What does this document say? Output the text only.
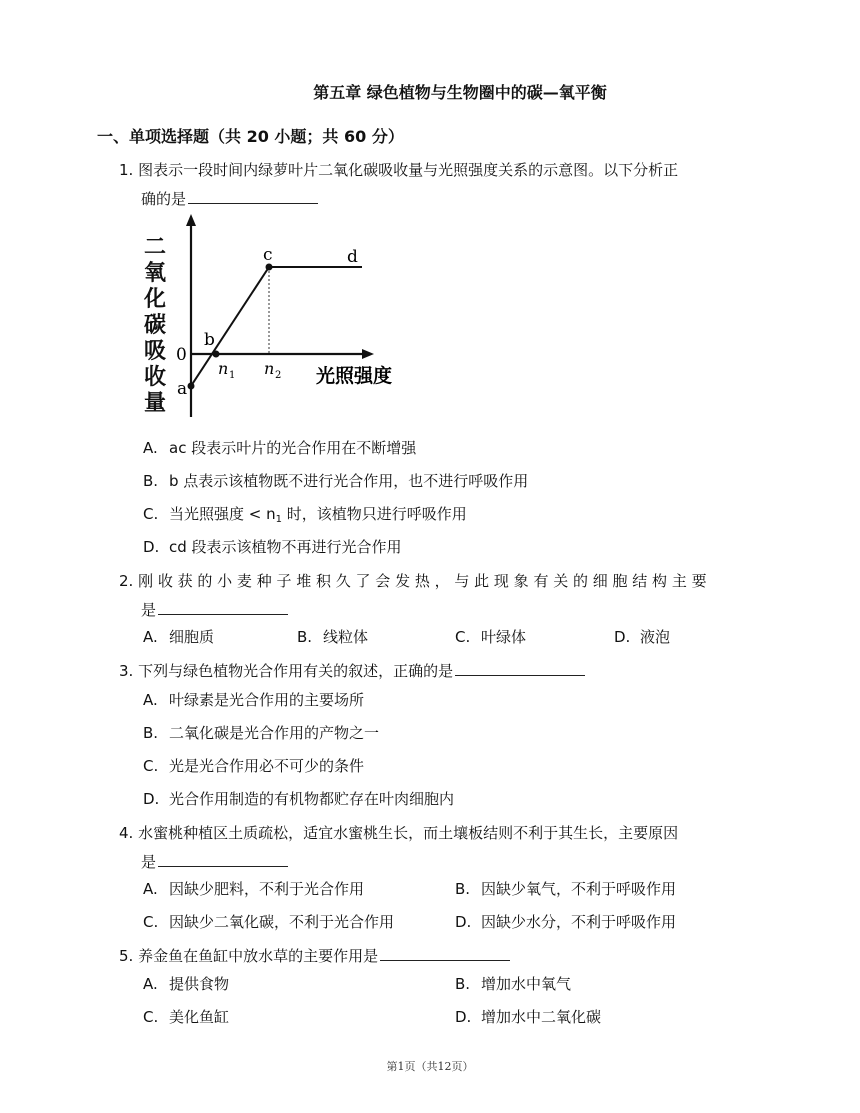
第五章 绿色植物与生物圈中的碳—氧平衡
一、单项选择题（共 20 小题；共 60 分）
1. 图表示一段时间内绿萝叶片二氧化碳吸收量与光照强度关系的示意图。以下分析正
确的是
二
氧
化
碳
吸
收
量
0
a
b
c	d
n 1 n 2 光照强度
A. ac 段表示叶片的光合作用在不断增强
B. b 点表示该植物既不进行光合作用，也不进行呼吸作用
C. 当光照强度 < $n_1$ 时，该植物只进行呼吸作用
D. cd 段表示该植物不再进行光合作用
2. 刚 收 获 的 小 麦 种 子 堆 积 久 了 会 发 热 ， 与 此 现 象 有 关 的 细 胞 结 构 主 要
是
A. 细胞质	B. 线粒体	C. 叶绿体	D. 液泡
3. 下列与绿色植物光合作用有关的叙述，正确的是
A. 叶绿素是光合作用的主要场所
B. 二氧化碳是光合作用的产物之一
C. 光是光合作用必不可少的条件
D. 光合作用制造的有机物都贮存在叶肉细胞内
4. 水蜜桃种植区土质疏松，适宜水蜜桃生长，而土壤板结则不利于其生长，主要原因
是
A. 因缺少肥料，不利于光合作用	B. 因缺少氧气，不利于呼吸作用
C. 因缺少二氧化碳，不利于光合作用	D. 因缺少水分，不利于呼吸作用
5. 养金鱼在鱼缸中放水草的主要作用是
A. 提供食物	B. 增加水中氧气
C. 美化鱼缸	D. 增加水中二氧化碳
第1页（共12页）
